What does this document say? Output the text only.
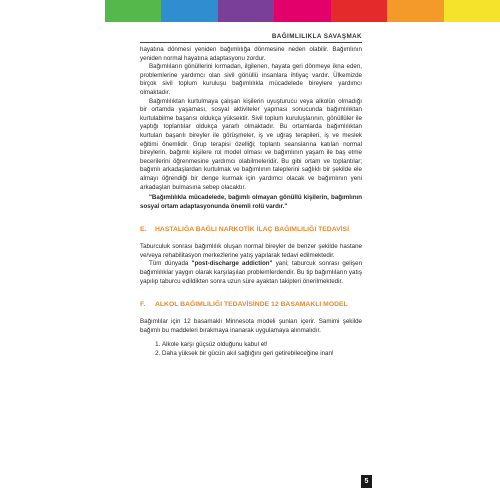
BAĞIMLILIKLA SAVAŞMAK

hayatına dönmesi yeniden bağımlılığa dönmesine neden olabilir. Bağımlının yeniden normal hayatına adaptasyonu zordur.

Bağımlıların gönüllerini kırmadan, ilgilenen, hayata geri dönmeye ikna eden, problemlerine yardımcı olan sivil gönüllü insanlara ihtiyaç vardır. Ülkemizde birçok sivil toplum kuruluşu bağımlılıkla mücadelede bireylere yardımcı olmaktadır.

Bağımlılıktan kurtulmaya çalışan kişilerin uyuşturucu veya alkolün olmadığı bir ortamda yaşaması, sosyal aktiviteler yapması sonucunda bağımlılıktan kurtulabilme başarısı oldukça yüksektir. Sivil toplum kuruluşlarının, gönüllüler ile yaptığı toplantılar oldukça yararlı olmaktadır. Bu ortamlarda bağımlılıktan kurtulan başarılı bireyler ile görüşmeler, iş ve uğraş terapileri, iş ve meslek eğitimi önemlidir. Grup terapisi özelliği; toplantı seanslarına katılan normal bireylerin, bağımlı kişilere rol model olması ve bağımlının yaşam ile baş etme becerilerini öğrenmesine yardımcı olabilmeleridir. Bu gibi ortam ve toplantılar; bağımlı arkadaşlardan kurtulmak ve bağımlının taleplerini sağlıklı bir şekilde ele almayı öğrendiği bir denge kurmak için yardımcı olacak ve bağımlının yeni arkadaşları bulmasına sebep olacaktır.

"Bağımlılıkla mücadelede, bağımlı olmayan gönüllü kişilerin, bağımlının sosyal ortam adaptasyonunda önemli rolü vardır."

E.	HASTALIĞA BAĞLI NARKOTİK İLAÇ BAĞIMLILIĞI TEDAVİSİ

Taburculuk sonrası bağımlılık oluşan normal bireyler de benzer şekilde hastane ve/veya rehabilitasyon merkezlerine yatış yapılarak tedavi edilmektedir.

Tüm dünyada "post-discharge addiction" yani; taburcuk sonrası gelişen bağımlılıklar yaygın olarak karşılaşılan problemlerdendir. Bu tip bağımlıların yatış yapılıp taburcu edildikten sonra uzun süre ayaktan takipleri önerilmektedir.

F.	ALKOL BAĞIMLILIĞI TEDAVİSİNDE 12 BASAMAKLI MODEL

Bağımlılar için 12 basamaklı Minnesota modeli şunları içerir. Samimi şekilde bağımlı bu maddeleri bırakmaya inanarak uygulamaya alınmalıdır.

1. Alkole karşı güçsüz olduğunu kabul et!
2. Daha yüksek bir gücün akıl sağlığını geri getirebileceğine inan!
5
